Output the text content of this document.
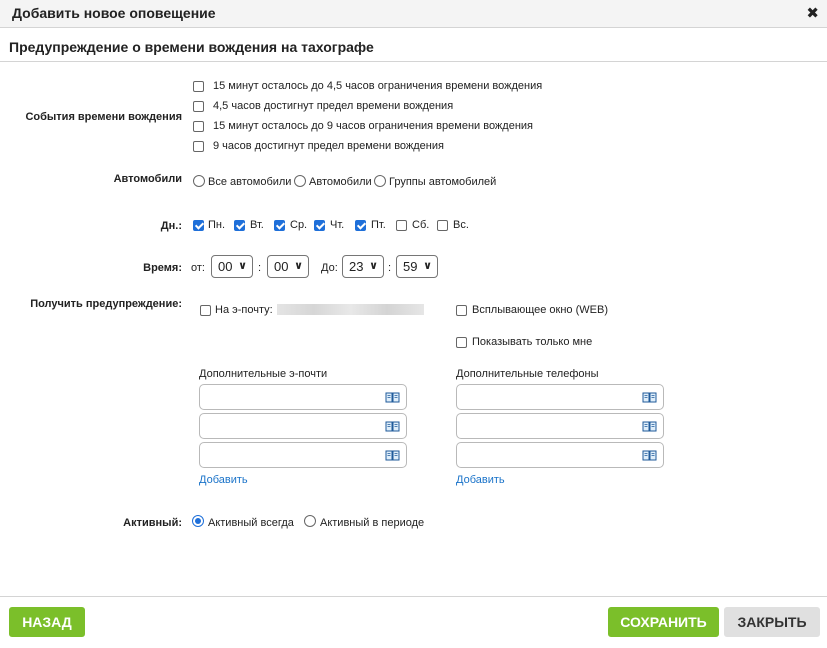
Добавить новое оповещение	✖
Предупреждение о времени вождения на тахографе
События времени вождения
15 минут осталось до 4,5 часов ограничения времени вождения
4,5 часов достигнут предел времени вождения
15 минут осталось до 9 часов ограничения времени вождения
9 часов достигнут предел времени вождения
Автомобили Все автомобили Автомобили Группы автомобилей
Дн.: Пн. Вт. Ср. Чт. Пт. Сб. Вс.
Время: от:	00 ∨ : 00 ∨ До: 23 ∨ : 59 ∨
Получить предупреждение:	На э-почту:	Всплывающее окно (WEB)
Показывать только мне
Дополнительные э-почти	Дополнительные телефоны
Добавить	Добавить
Активный: Активный всегда Активный в периоде
НАЗАД	СОХРАНИТЬ	ЗАКРЫТЬ
